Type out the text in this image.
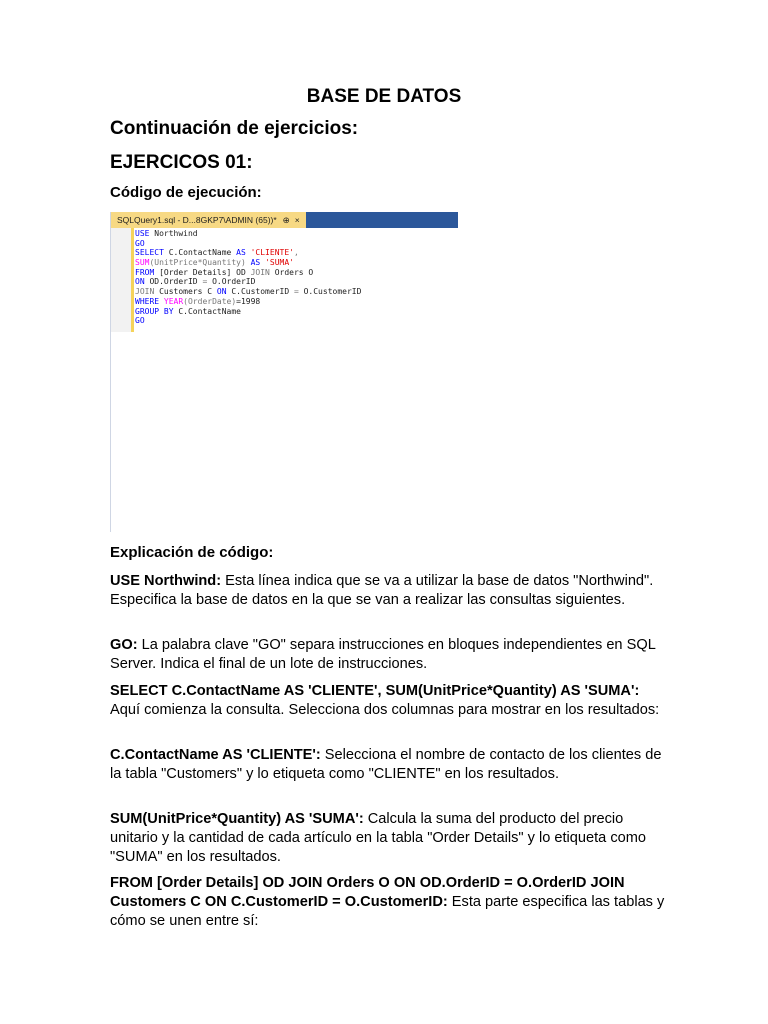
BASE DE DATOS
Continuación de ejercicios:
EJERCICOS 01:
Código de ejecución:
SQLQuery1.sql - D...8GKP7\ADMIN (65))* ⊕ ×
USE Northwind
GO
SELECT C.ContactName AS 'CLIENTE',
SUM(UnitPrice*Quantity) AS 'SUMA'
FROM [Order Details] OD JOIN Orders O
ON OD.OrderID = O.OrderID
JOIN Customers C ON C.CustomerID = O.CustomerID
WHERE YEAR(OrderDate)=1998
GROUP BY C.ContactName
GO
Explicación de código:
USE Northwind: Esta línea indica que se va a utilizar la base de datos "Northwind". Especifica la base de datos en la que se van a realizar las consultas siguientes.
GO: La palabra clave "GO" separa instrucciones en bloques independientes en SQL Server. Indica el final de un lote de instrucciones.
SELECT C.ContactName AS 'CLIENTE', SUM(UnitPrice*Quantity) AS 'SUMA': Aquí comienza la consulta. Selecciona dos columnas para mostrar en los resultados:
C.ContactName AS 'CLIENTE': Selecciona el nombre de contacto de los clientes de la tabla "Customers" y lo etiqueta como "CLIENTE" en los resultados.
SUM(UnitPrice*Quantity) AS 'SUMA': Calcula la suma del producto del precio unitario y la cantidad de cada artículo en la tabla "Order Details" y lo etiqueta como "SUMA" en los resultados.
FROM [Order Details] OD JOIN Orders O ON OD.OrderID = O.OrderID JOIN Customers C ON C.CustomerID = O.CustomerID: Esta parte especifica las tablas y cómo se unen entre sí:
